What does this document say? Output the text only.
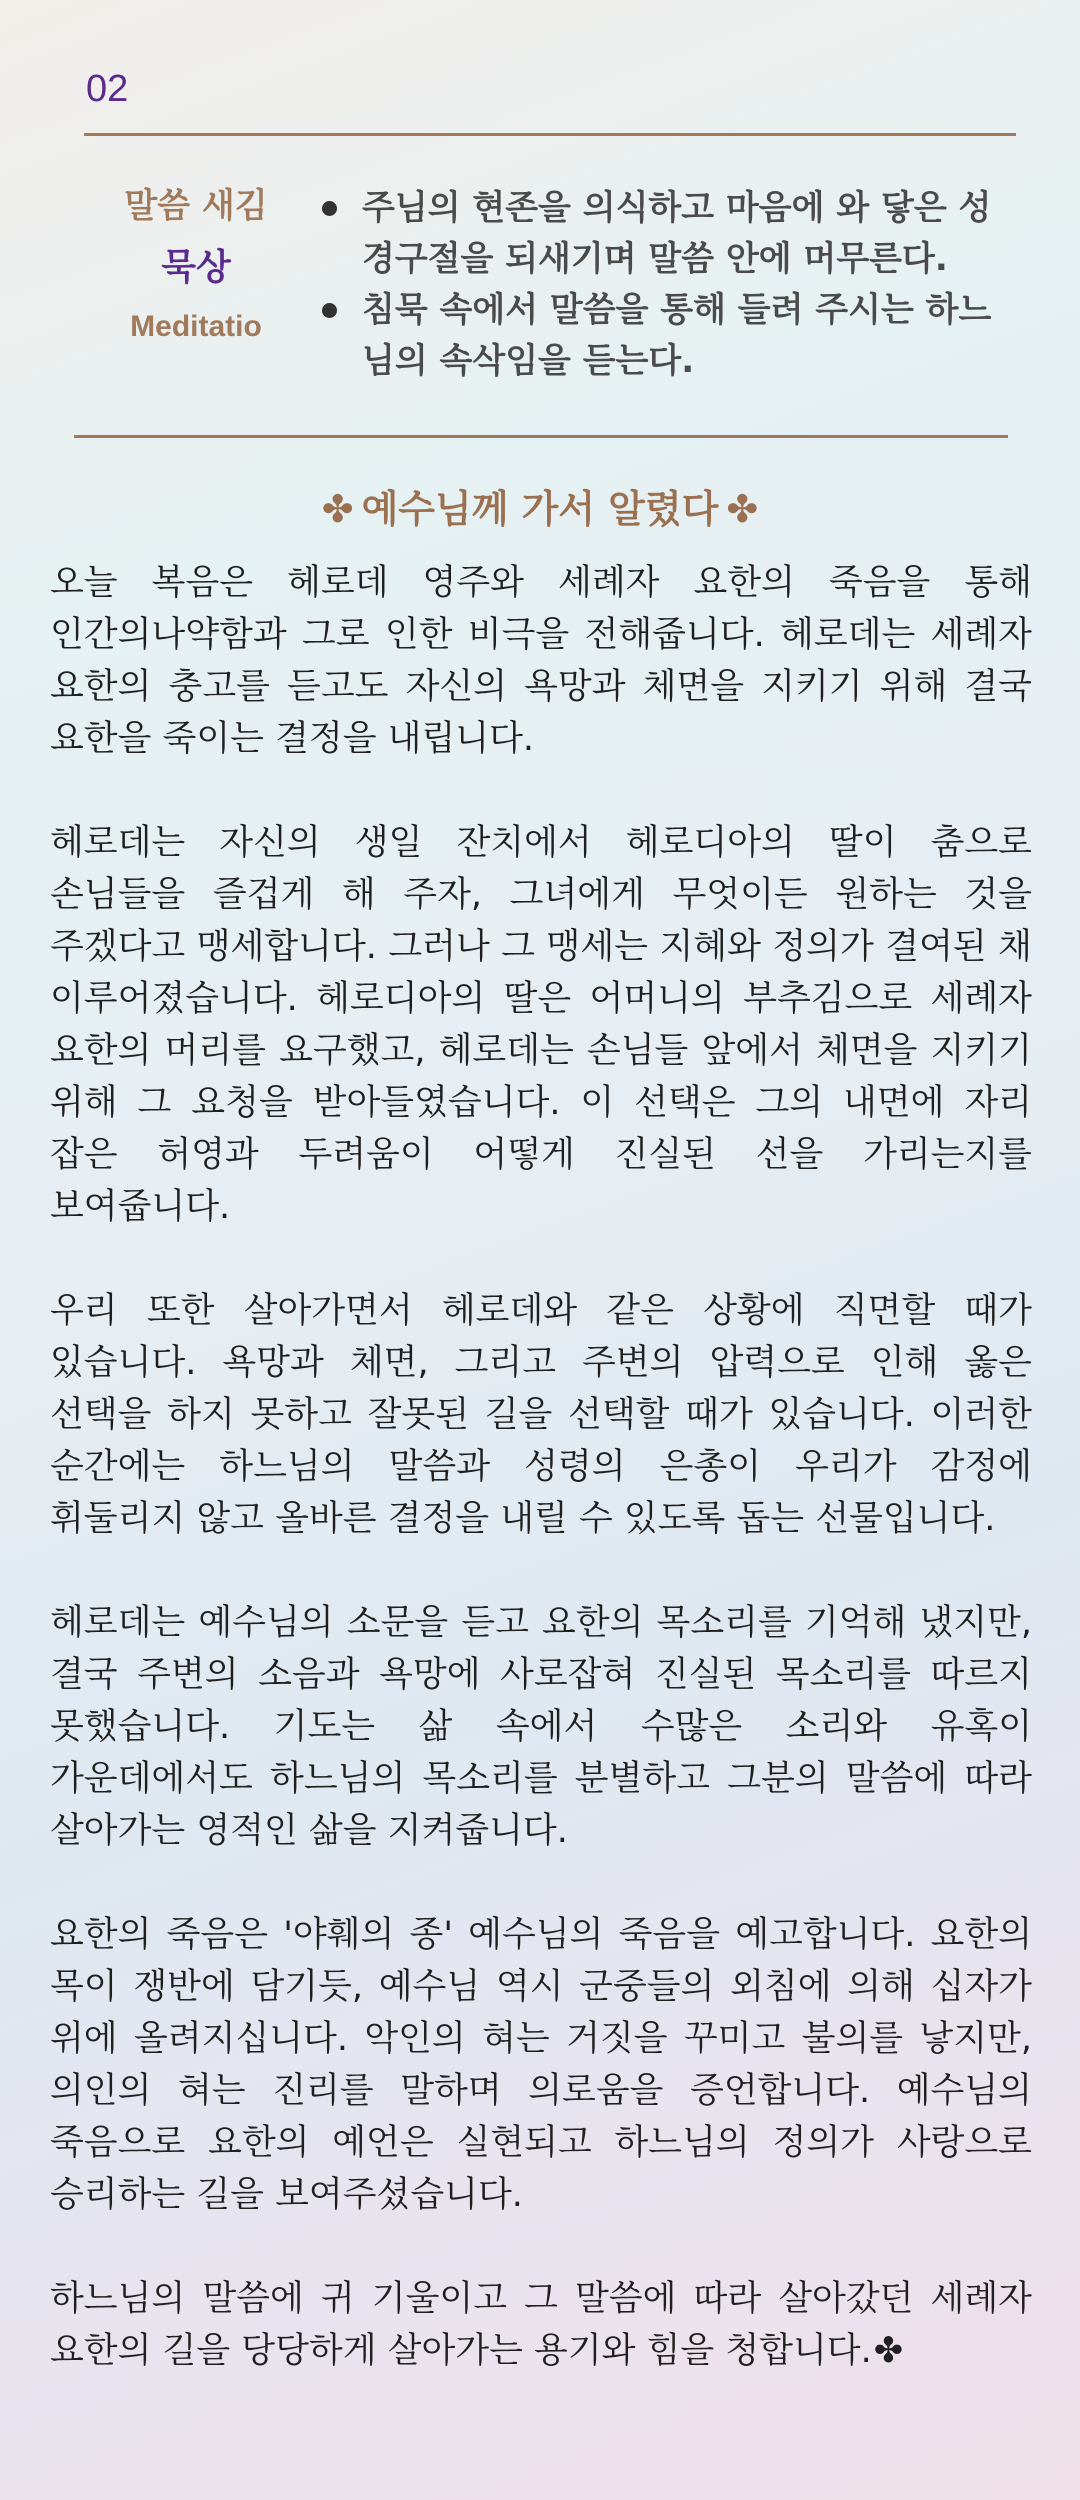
02
말씀 새김
묵상
Meditatio
주님의 현존을 의식하고 마음에 와 닿은 성경구절을 되새기며 말씀 안에 머무른다.
침묵 속에서 말씀을 통해 들려 주시는 하느님의 속삭임을 듣는다.
✤ 예수님께 가서 알렸다 ✤

오늘 복음은 헤로데 영주와 세례자 요한의 죽음을 통해 인간의나약함과 그로 인한 비극을 전해줍니다. 헤로데는 세례자 요한의 충고를 듣고도 자신의 욕망과 체면을 지키기 위해 결국 요한을 죽이는 결정을 내립니다.

헤로데는 자신의 생일 잔치에서 헤로디아의 딸이 춤으로 손님들을 즐겁게 해 주자, 그녀에게 무엇이든 원하는 것을 주겠다고 맹세합니다. 그러나 그 맹세는 지혜와 정의가 결여된 채 이루어졌습니다. 헤로디아의 딸은 어머니의 부추김으로 세례자 요한의 머리를 요구했고, 헤로데는 손님들 앞에서 체면을 지키기 위해 그 요청을 받아들였습니다. 이 선택은 그의 내면에 자리 잡은 허영과 두려움이 어떻게 진실된 선을 가리는지를 보여줍니다.

우리 또한 살아가면서 헤로데와 같은 상황에 직면할 때가 있습니다. 욕망과 체면, 그리고 주변의 압력으로 인해 옳은 선택을 하지 못하고 잘못된 길을 선택할 때가 있습니다. 이러한 순간에는 하느님의 말씀과 성령의 은총이 우리가 감정에 휘둘리지 않고 올바른 결정을 내릴 수 있도록 돕는 선물입니다.

헤로데는 예수님의 소문을 듣고 요한의 목소리를 기억해 냈지만, 결국 주변의 소음과 욕망에 사로잡혀 진실된 목소리를 따르지 못했습니다. 기도는 삶 속에서 수많은 소리와 유혹이 가운데에서도 하느님의 목소리를 분별하고 그분의 말씀에 따라 살아가는 영적인 삶을 지켜줍니다.

요한의 죽음은 '야훼의 종' 예수님의 죽음을 예고합니다. 요한의 목이 쟁반에 담기듯, 예수님 역시 군중들의 외침에 의해 십자가 위에 올려지십니다. 악인의 혀는 거짓을 꾸미고 불의를 낳지만, 의인의 혀는 진리를 말하며 의로움을 증언합니다. 예수님의 죽음으로 요한의 예언은 실현되고 하느님의 정의가 사랑으로 승리하는 길을 보여주셨습니다.

하느님의 말씀에 귀 기울이고 그 말씀에 따라 살아갔던 세례자 요한의 길을 당당하게 살아가는 용기와 힘을 청합니다.✤
